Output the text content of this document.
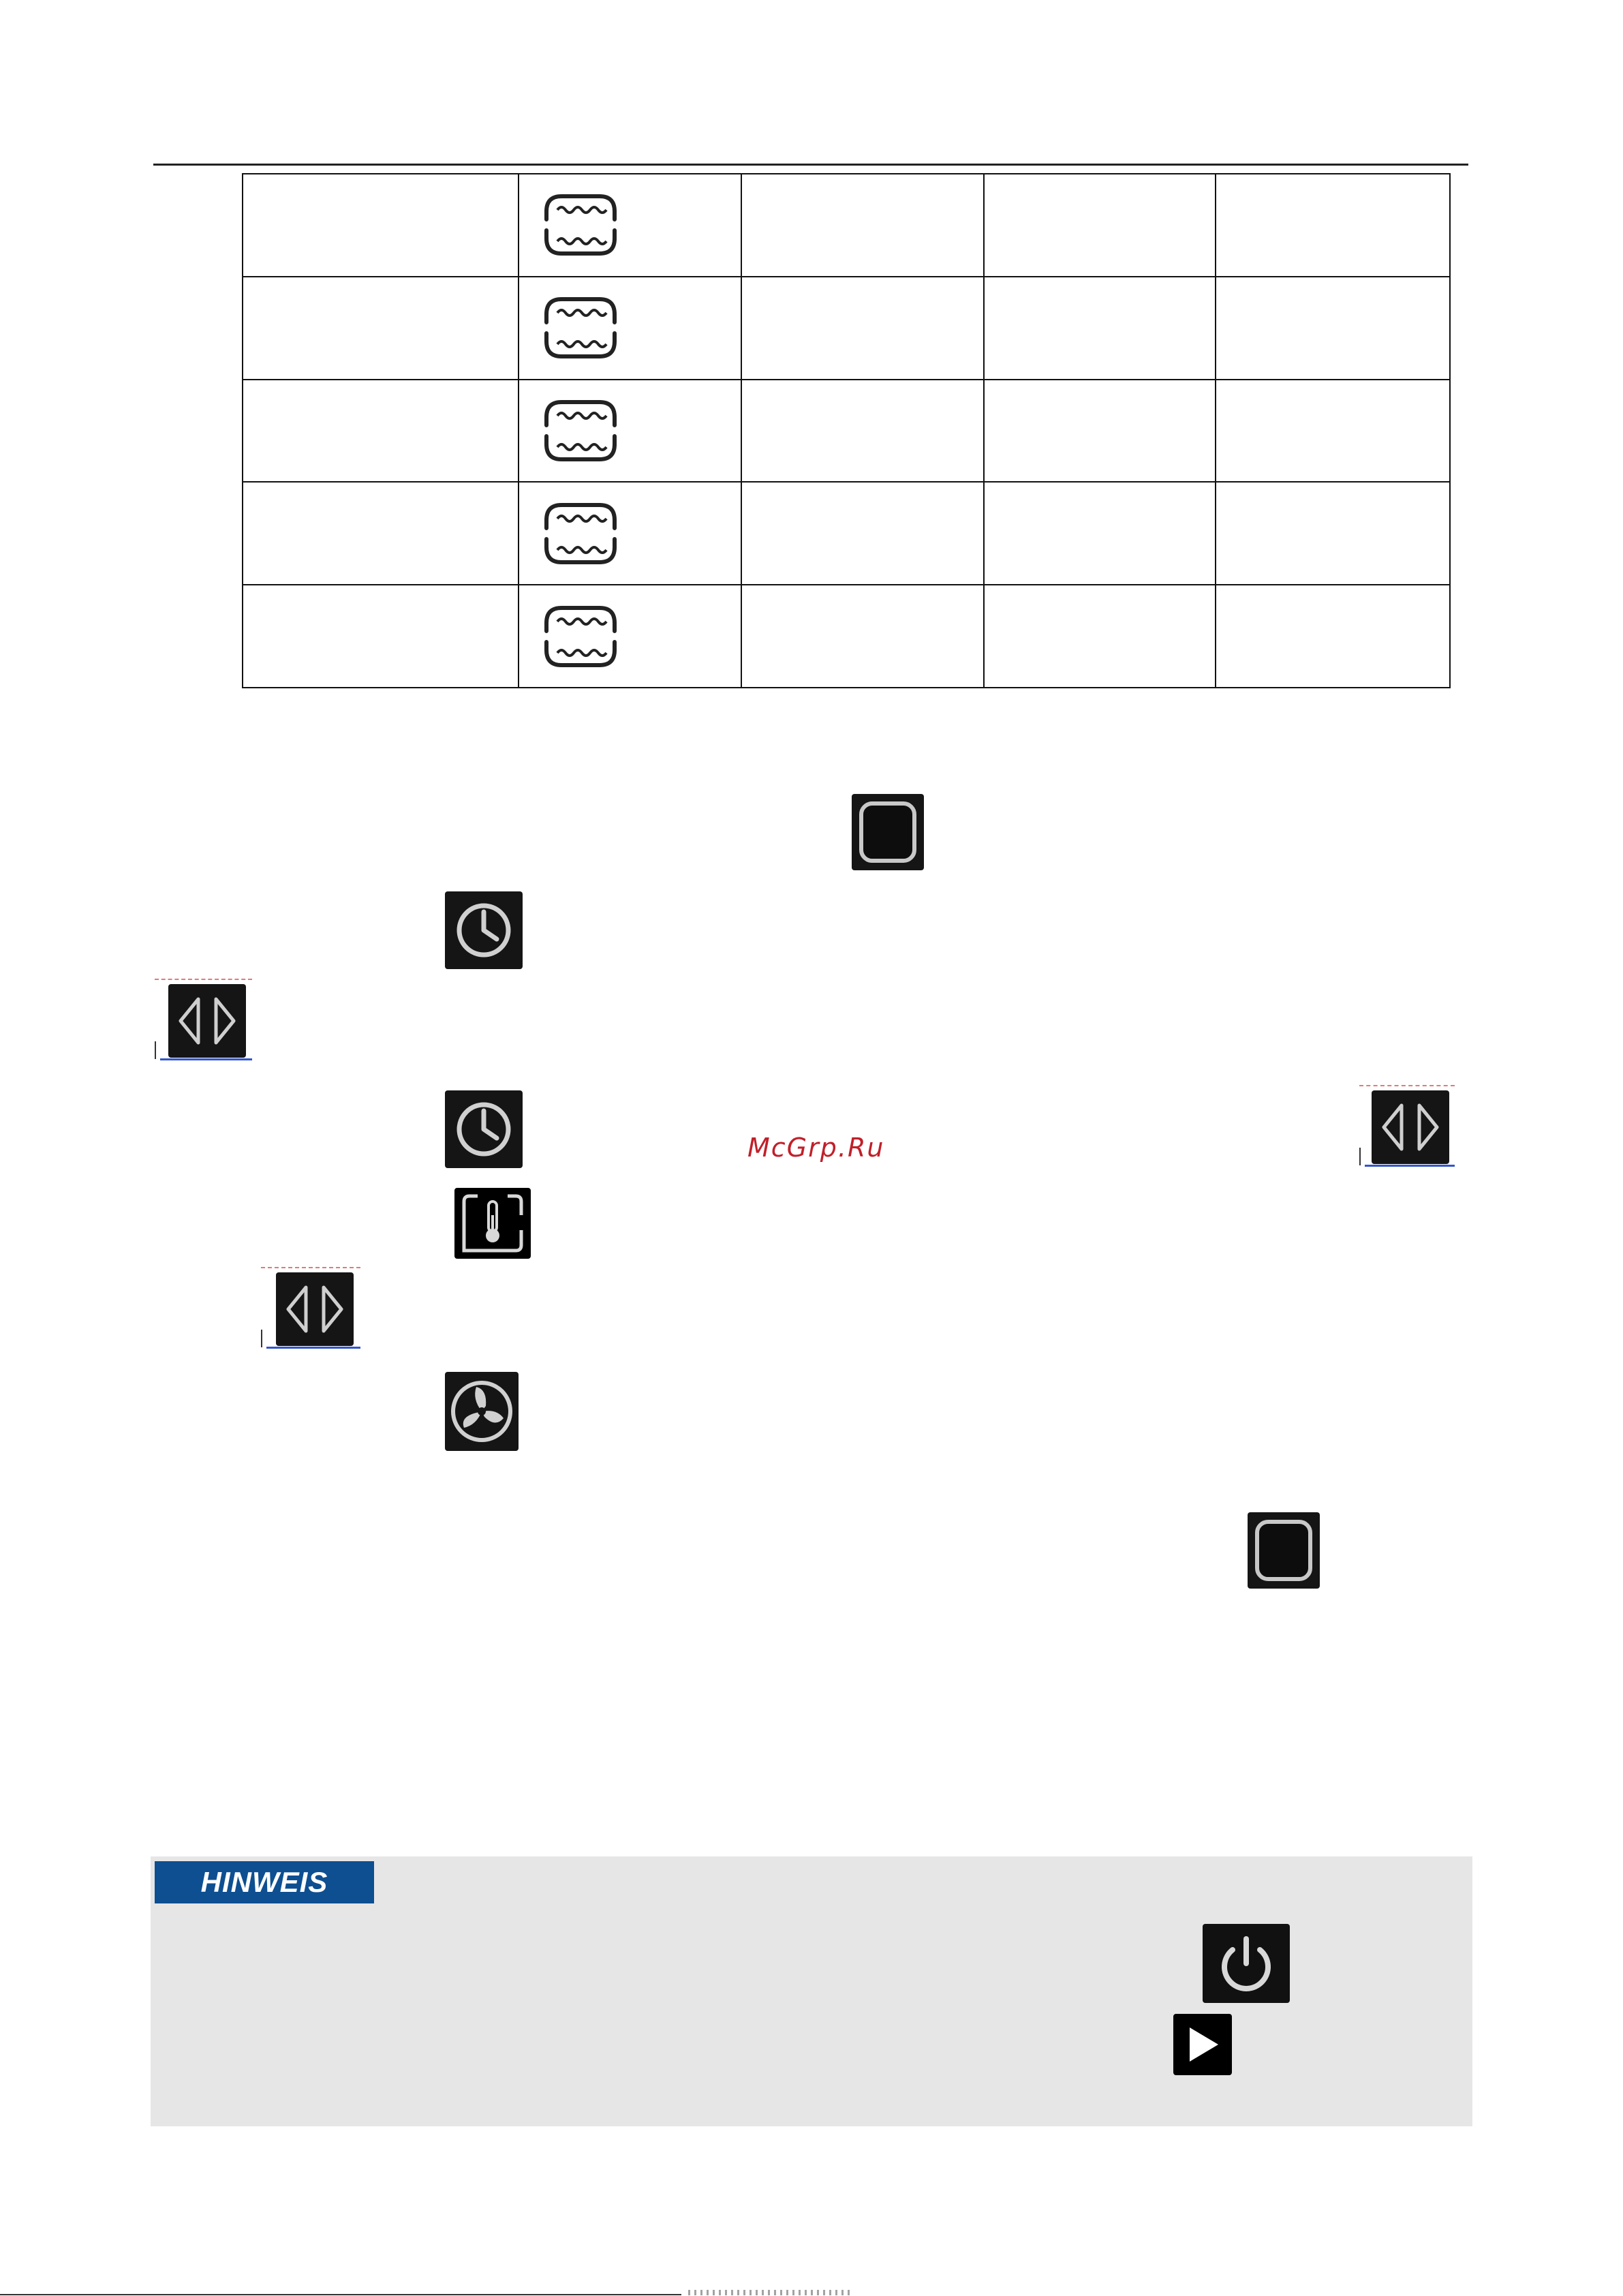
McGrp.Ru
HINWEIS
